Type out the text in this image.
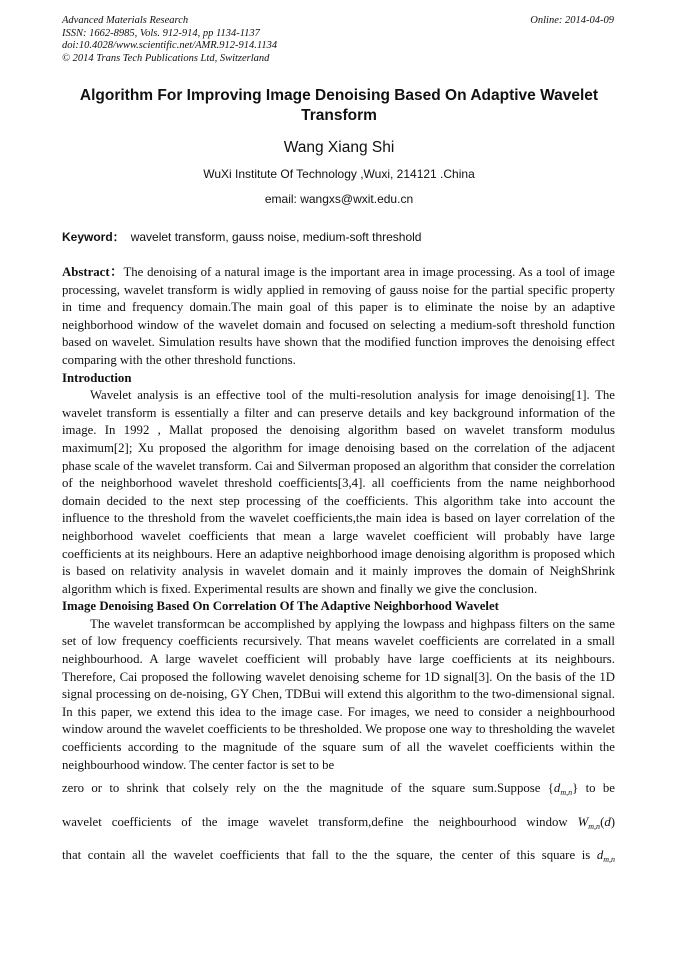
Advanced Materials Research
ISSN: 1662-8985, Vols. 912-914, pp 1134-1137
doi:10.4028/www.scientific.net/AMR.912-914.1134
© 2014 Trans Tech Publications Ltd, Switzerland
Online: 2014-04-09
Algorithm For Improving Image Denoising Based On Adaptive Wavelet Transform
Wang Xiang Shi
WuXi Institute Of Technology ,Wuxi, 214121 .China
email: wangxs@wxit.edu.cn
Keyword： wavelet transform, gauss noise, medium-soft threshold

Abstract：The denoising of a natural image is the important area in image processing. As a tool of image processing, wavelet transform is widly applied in removing of gauss noise for the partial specific property in time and frequency domain.The main goal of this paper is to eliminate the noise by an adaptive neighborhood window of the wavelet domain and focused on selecting a medium-soft threshold function based on wavelet. Simulation results have shown that the modified function improves the denoising effect comparing with the other threshold functions.

Introduction

Wavelet analysis is an effective tool of the multi-resolution analysis for image denoising[1]. The wavelet transform is essentially a filter and can preserve details and key background information of the image. In 1992 , Mallat proposed the denoising algorithm based on wavelet transform modulus maximum[2]; Xu proposed the algorithm for image denoising based on the correlation of the adjacent phase scale of the wavelet transform. Cai and Silverman proposed an algorithm that consider the correlation of the neighborhood wavelet threshold coefficients[3,4]. all coefficients from the name neighborhood domain decided to the next step processing of the coefficients. This algorithm take into account the influence to the threshold from the wavelet coefficients,the main idea is based on layer correlation of the neighborhood wavelet coefficients that mean a large wavelet coefficient will probably have large coefficients at its neighbours. Here an adaptive neighborhood image denoising algorithm is proposed which is based on relativity analysis in wavelet domain and it mainly improves the domain of NeighShrink algorithm which is fixed. Experimental results are shown and finally we give the conclusion.

Image Denoising Based On Correlation Of The Adaptive Neighborhood Wavelet

The wavelet transformcan be accomplished by applying the lowpass and highpass filters on the same set of low frequency coefficients recursively. That means wavelet coefficients are correlated in a small neighbourhood. A large wavelet coefficient will probably have large coefficients at its neighbours. Therefore, Cai proposed the following wavelet denoising scheme for 1D signal[3]. On the basis of the 1D signal processing on de-noising, GY Chen, TDBui will extend this algorithm to the two-dimensional signal. In this paper, we extend this idea to the image case. For images, we need to consider a neighbourhood window around the wavelet coefficients to be thresholded. We propose one way to thresholding the wavelet coefficients according to the magnitude of the square sum of all the wavelet coefficients within the neighbourhood window. The center factor is set to be

zero or to shrink that colsely rely on the the magnitude of the square sum.Suppose $\{d_{m,n}\}$ to be

wavelet coefficients of the image wavelet transform,define the neighbourhood window $W_{m,n}(d)$

that contain all the wavelet coefficients that fall to the the square, the center of this square is $d_{m,n}$
